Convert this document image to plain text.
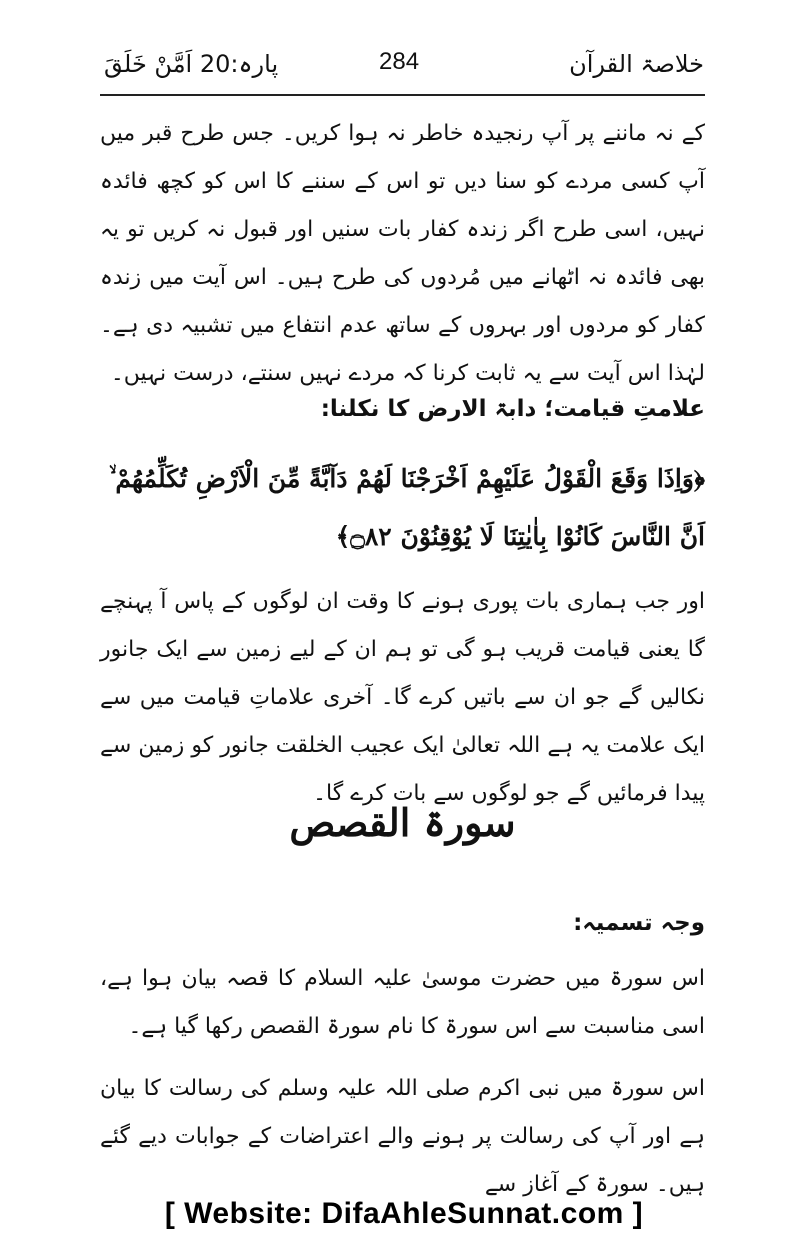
خلاصۃ القرآن
284
پارہ:20 اَمَّنْ خَلَقَ

کے نہ ماننے پر آپ رنجیدہ خاطر نہ ہوا کریں۔ جس طرح قبر میں آپ کسی مردے کو سنا دیں تو اس کے سننے کا اس کو کچھ فائدہ نہیں، اسی طرح اگر زندہ کفار بات سنیں اور قبول نہ کریں تو یہ بھی فائدہ نہ اٹھانے میں مُردوں کی طرح ہیں۔ اس آیت میں زندہ کفار کو مردوں اور بہروں کے ساتھ عدم انتفاع میں تشبیہ دی ہے۔ لہٰذا اس آیت سے یہ ثابت کرنا کہ مردے نہیں سنتے، درست نہیں۔

علامتِ قیامت؛ دابۃ الارض کا نکلنا:

﴿وَاِذَا وَقَعَ الْقَوْلُ عَلَيْهِمْ اَخْرَجْنَا لَهُمْ دَآبَّةً مِّنَ الْاَرْضِ تُكَلِّمُهُمْ ۙ اَنَّ النَّاسَ كَانُوْا بِاٰيٰتِنَا لَا يُوْقِنُوْنَ ۝۸۲﴾

اور جب ہماری بات پوری ہونے کا وقت ان لوگوں کے پاس آ پہنچے گا یعنی قیامت قریب ہو گی تو ہم ان کے لیے زمین سے ایک جانور نکالیں گے جو ان سے باتیں کرے گا۔ آخری علاماتِ قیامت میں سے ایک علامت یہ ہے اللہ تعالیٰ ایک عجیب الخلقت جانور کو زمین سے پیدا فرمائیں گے جو لوگوں سے بات کرے گا۔

سورۃ القصص

وجہ تسمیہ:

اس سورۃ میں حضرت موسیٰ علیہ السلام کا قصہ بیان ہوا ہے، اسی مناسبت سے اس سورۃ کا نام سورۃ القصص رکھا گیا ہے۔

اس سورۃ میں نبی اکرم صلی اللہ علیہ وسلم کی رسالت کا بیان ہے اور آپ کی رسالت پر ہونے والے اعتراضات کے جوابات دیے گئے ہیں۔ سورۃ کے آغاز سے

[ Website: DifaAhleSunnat.com ]
